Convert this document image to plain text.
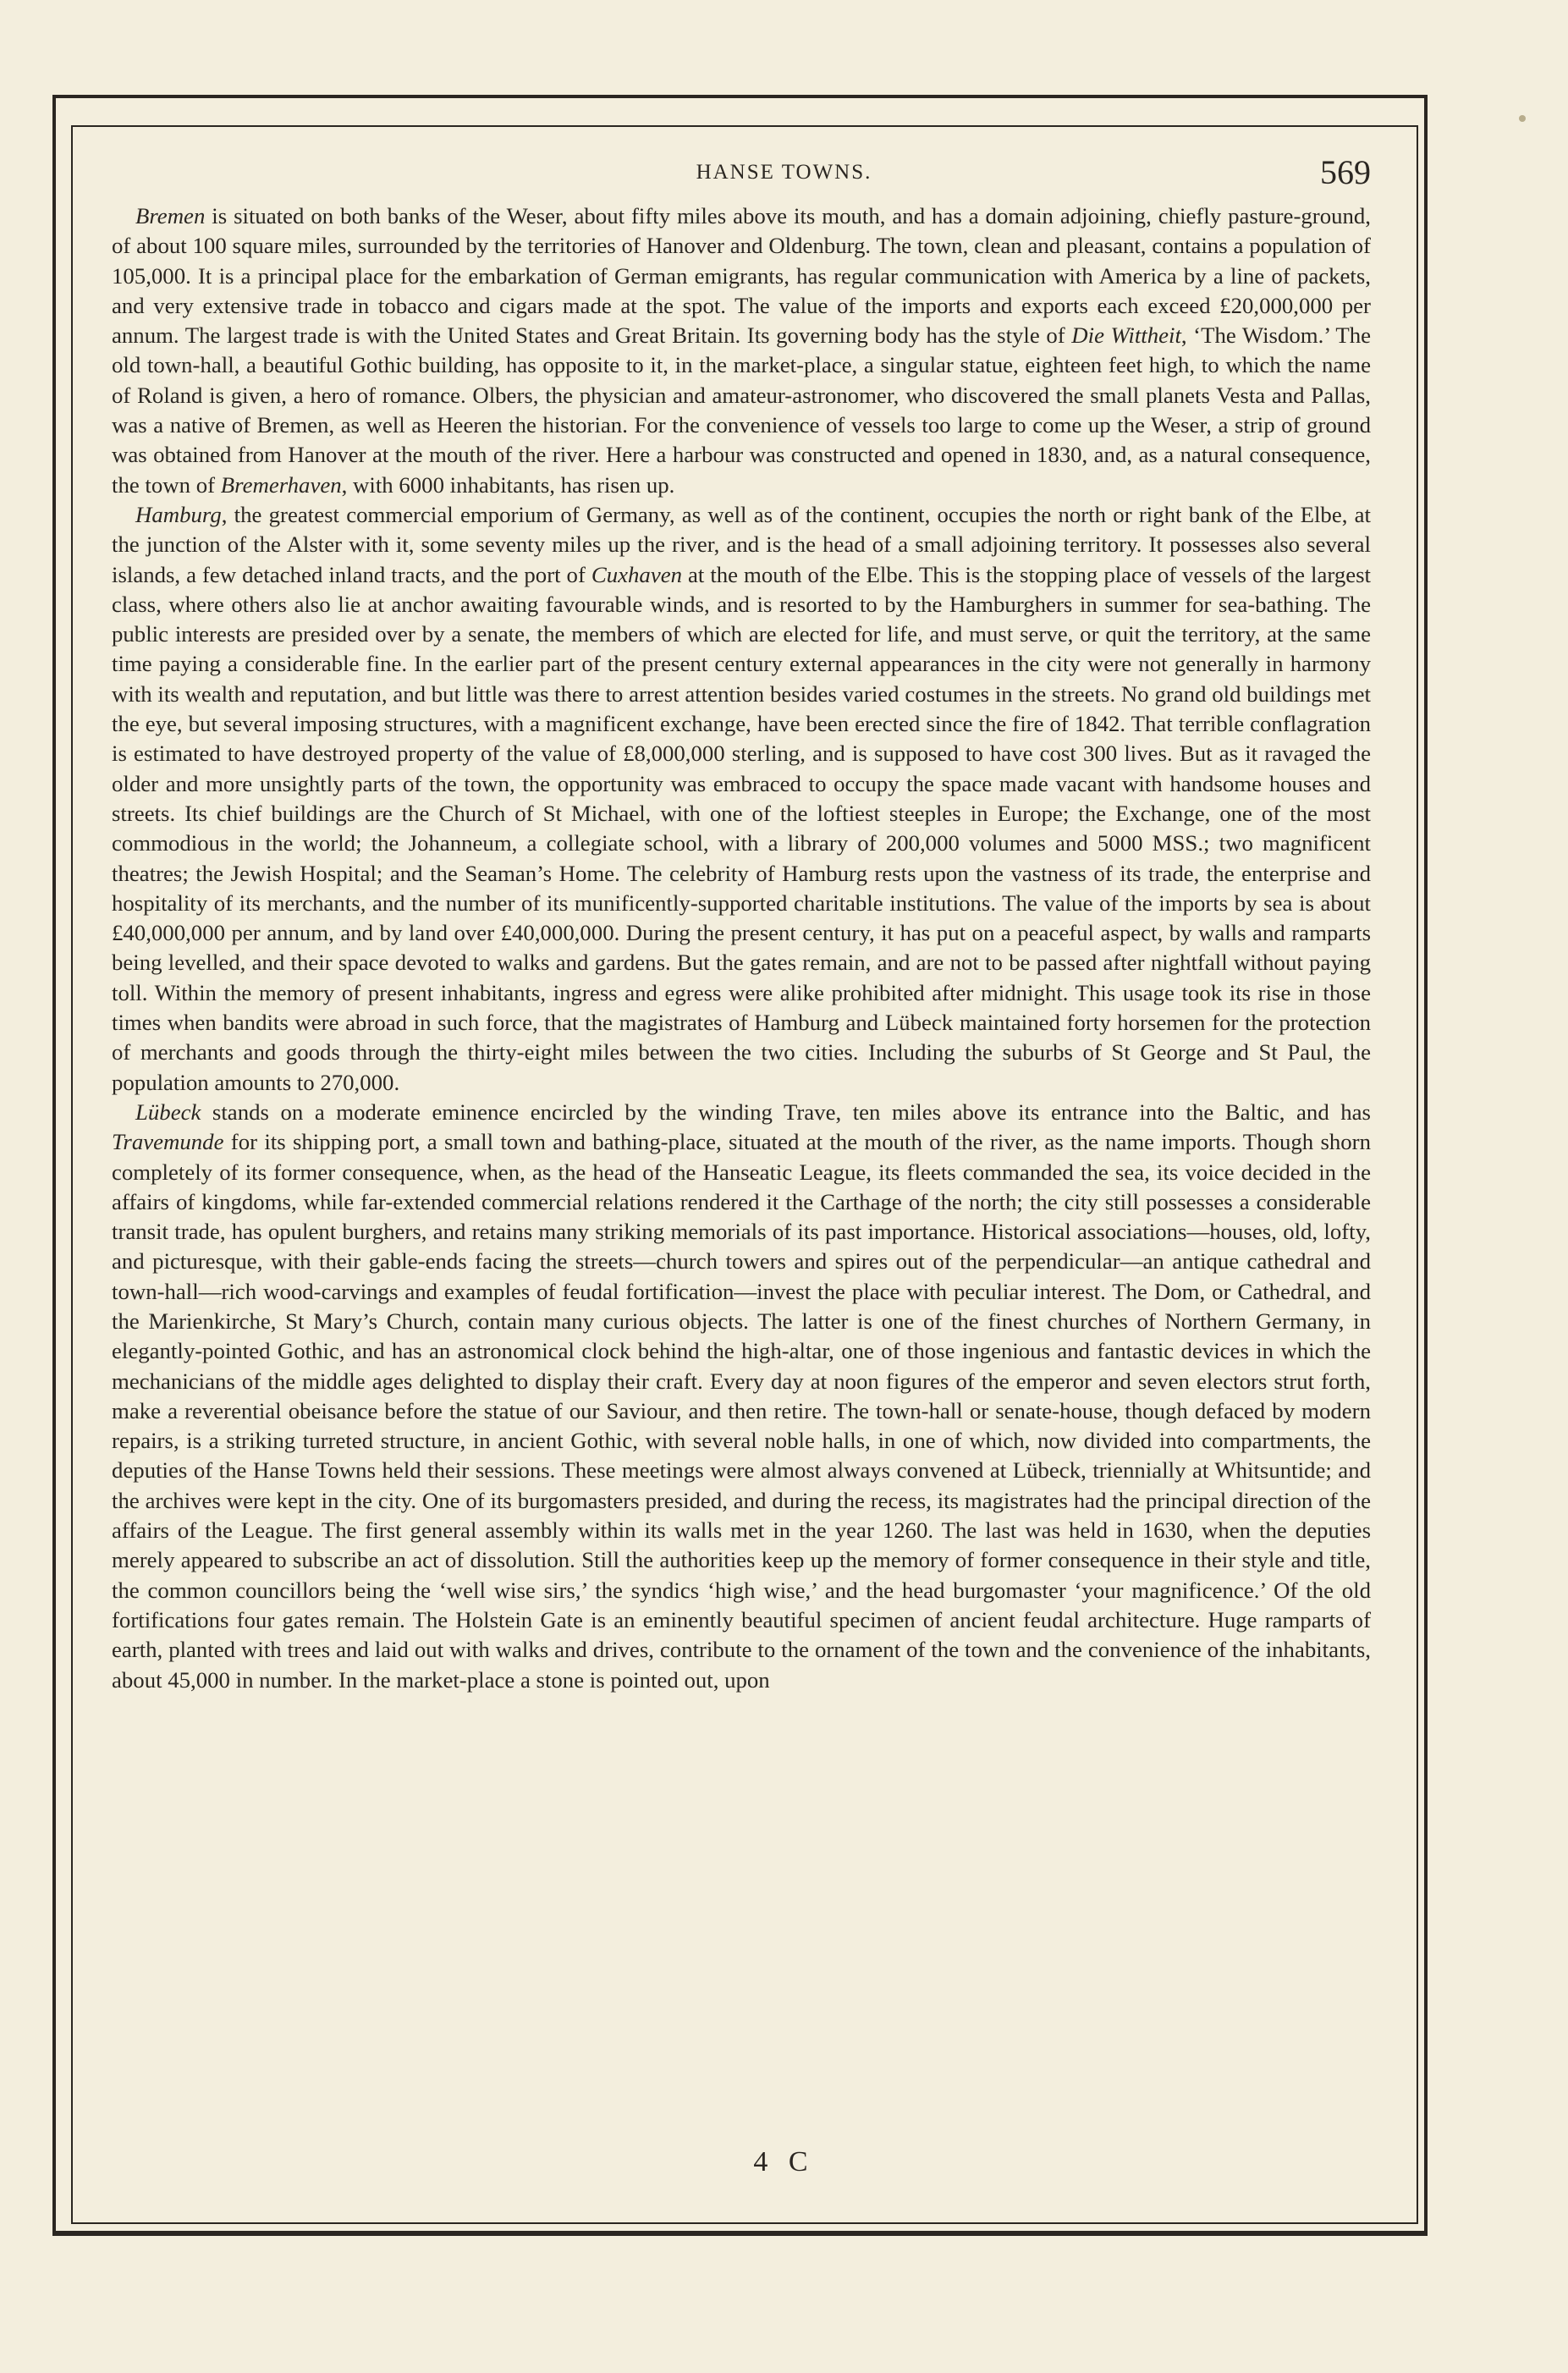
HANSE TOWNS.	569

Bremen is situated on both banks of the Weser, about fifty miles above its mouth, and has a domain adjoining, chiefly pasture-ground, of about 100 square miles, surrounded by the territories of Hanover and Oldenburg. The town, clean and pleasant, contains a population of 105,000. It is a principal place for the embarkation of German emigrants, has regular communication with America by a line of packets, and very extensive trade in tobacco and cigars made at the spot. The value of the imports and exports each exceed £20,000,000 per annum. The largest trade is with the United States and Great Britain. Its governing body has the style of Die Wittheit, ‘The Wisdom.’ The old town-hall, a beautiful Gothic building, has opposite to it, in the market-place, a singular statue, eighteen feet high, to which the name of Roland is given, a hero of romance. Olbers, the physician and amateur-astronomer, who discovered the small planets Vesta and Pallas, was a native of Bremen, as well as Heeren the historian. For the convenience of vessels too large to come up the Weser, a strip of ground was obtained from Hanover at the mouth of the river. Here a harbour was constructed and opened in 1830, and, as a natural consequence, the town of Bremerhaven, with 6000 inhabitants, has risen up.

Hamburg, the greatest commercial emporium of Germany, as well as of the continent, occupies the north or right bank of the Elbe, at the junction of the Alster with it, some seventy miles up the river, and is the head of a small adjoining territory. It possesses also several islands, a few detached inland tracts, and the port of Cuxhaven at the mouth of the Elbe. This is the stopping place of vessels of the largest class, where others also lie at anchor awaiting favourable winds, and is resorted to by the Hamburghers in summer for sea-bathing. The public interests are presided over by a senate, the members of which are elected for life, and must serve, or quit the territory, at the same time paying a considerable fine. In the earlier part of the present century external appearances in the city were not generally in harmony with its wealth and reputation, and but little was there to arrest attention besides varied costumes in the streets. No grand old buildings met the eye, but several imposing structures, with a magnificent exchange, have been erected since the fire of 1842. That terrible conflagration is estimated to have destroyed property of the value of £8,000,000 sterling, and is supposed to have cost 300 lives. But as it ravaged the older and more unsightly parts of the town, the opportunity was embraced to occupy the space made vacant with handsome houses and streets. Its chief buildings are the Church of St Michael, with one of the loftiest steeples in Europe; the Exchange, one of the most commodious in the world; the Johanneum, a collegiate school, with a library of 200,000 volumes and 5000 MSS.; two magnificent theatres; the Jewish Hospital; and the Seaman’s Home. The celebrity of Hamburg rests upon the vastness of its trade, the enterprise and hospitality of its merchants, and the number of its munificently-supported charitable institutions. The value of the imports by sea is about £40,000,000 per annum, and by land over £40,000,000. During the present century, it has put on a peaceful aspect, by walls and ramparts being levelled, and their space devoted to walks and gardens. But the gates remain, and are not to be passed after nightfall without paying toll. Within the memory of present inhabitants, ingress and egress were alike prohibited after midnight. This usage took its rise in those times when bandits were abroad in such force, that the magistrates of Hamburg and Lübeck maintained forty horsemen for the protection of merchants and goods through the thirty-eight miles between the two cities. Including the suburbs of St George and St Paul, the population amounts to 270,000.

Lübeck stands on a moderate eminence encircled by the winding Trave, ten miles above its entrance into the Baltic, and has Travemunde for its shipping port, a small town and bathing-place, situated at the mouth of the river, as the name imports. Though shorn completely of its former consequence, when, as the head of the Hanseatic League, its fleets commanded the sea, its voice decided in the affairs of kingdoms, while far-extended commercial relations rendered it the Carthage of the north; the city still possesses a considerable transit trade, has opulent burghers, and retains many striking memorials of its past importance. Historical associations—houses, old, lofty, and picturesque, with their gable-ends facing the streets—church towers and spires out of the perpendicular—an antique cathedral and town-hall—rich wood-carvings and examples of feudal fortification—invest the place with peculiar interest. The Dom, or Cathedral, and the Marienkirche, St Mary’s Church, contain many curious objects. The latter is one of the finest churches of Northern Germany, in elegantly-pointed Gothic, and has an astronomical clock behind the high-altar, one of those ingenious and fantastic devices in which the mechanicians of the middle ages delighted to display their craft. Every day at noon figures of the emperor and seven electors strut forth, make a reverential obeisance before the statue of our Saviour, and then retire. The town-hall or senate-house, though defaced by modern repairs, is a striking turreted structure, in ancient Gothic, with several noble halls, in one of which, now divided into compartments, the deputies of the Hanse Towns held their sessions. These meetings were almost always convened at Lübeck, triennially at Whitsuntide; and the archives were kept in the city. One of its burgomasters presided, and during the recess, its magistrates had the principal direction of the affairs of the League. The first general assembly within its walls met in the year 1260. The last was held in 1630, when the deputies merely appeared to subscribe an act of dissolution. Still the authorities keep up the memory of former consequence in their style and title, the common councillors being the ‘well wise sirs,’ the syndics ‘high wise,’ and the head burgomaster ‘your magnificence.’ Of the old fortifications four gates remain. The Holstein Gate is an eminently beautiful specimen of ancient feudal architecture. Huge ramparts of earth, planted with trees and laid out with walks and drives, contribute to the ornament of the town and the convenience of the inhabitants, about 45,000 in number. In the market-place a stone is pointed out, upon

4 C
